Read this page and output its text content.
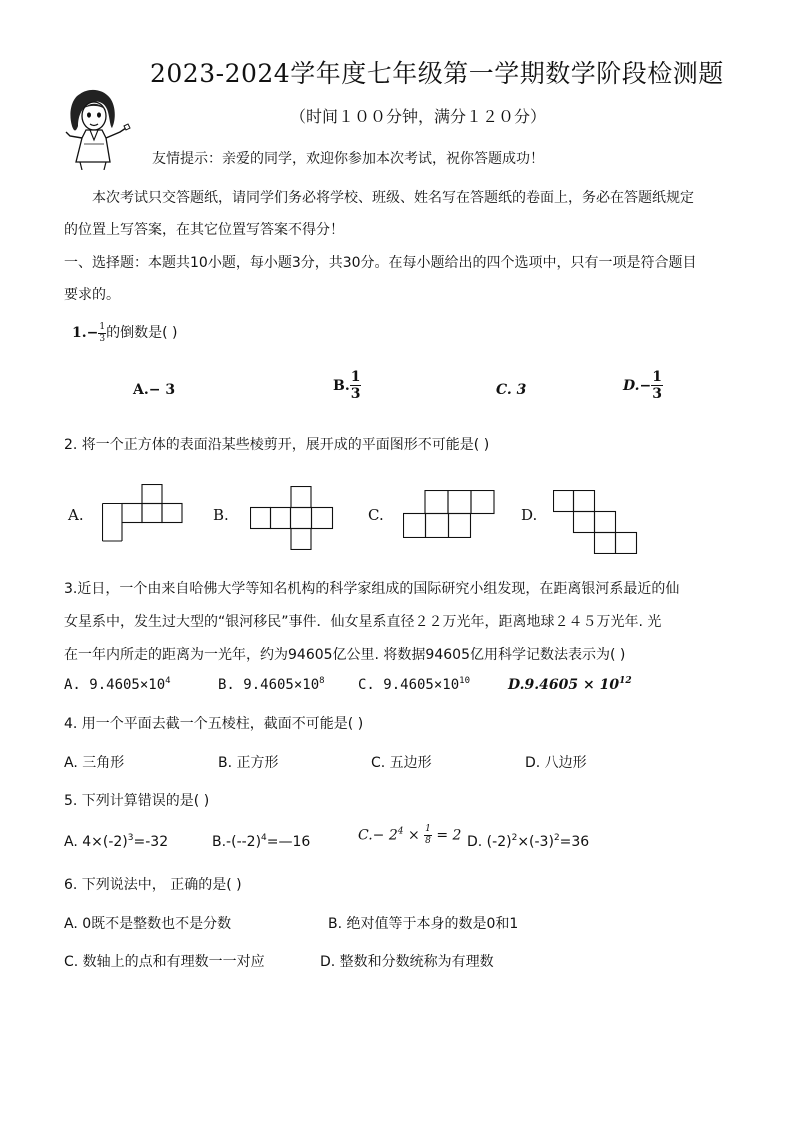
2023-2024学年度七年级第一学期数学阶段检测题
（时间１００分钟，满分１２０分）
友情提示：亲爱的同学，欢迎你参加本次考试，祝你答题成功！
本次考试只交答题纸，请同学们务必将学校、班级、姓名写在答题纸的卷面上，务必在答题纸规定
的位置上写答案，在其它位置写答案不得分！
一、选择题：本题共10小题，每小题3分，共30分。在每小题给出的四个选项中，只有一项是符合题目
要求的。
$1.- \frac{1}{3}$ 的倒数是( )
A.− 3	B. $\frac{1}{3}$	C. 3	$D.- \frac{1}{3}$
2. 将一个正方体的表面沿某些棱剪开，展开成的平面图形不可能是( )
A.	B.	C.	D.
3.近日，一个由来自哈佛大学等知名机构的科学家组成的国际研究小组发现，在距离银河系最近的仙
女星系中，发生过大型的“银河移民”事件．仙女星系直径２２万光年，距离地球２４５万光年. 光
在一年内所走的距离为一光年，约为94605亿公里. 将数据94605亿用科学记数法表示为( )
A. $9.4605\times 10^4$	B. $9.4605\times 10^8$ C. $9.4605\times 10^{10}$	$D.9.4605 \times 10^{12}$
4. 用一个平面去截一个五棱柱，截面不可能是( )
A. 三角形	B. 正方形	C. 五边形	D. 八边形
5. 下列计算错误的是( )
A. $4\times(-2)^3=-32$	$B.-(--2)^4=—16$	$C.- 2^4 \times \frac{1}{8} = 2$ D. $(-2)^2\times(-3)^2=36$
6. 下列说法中， 正确的是( )
A. 0既不是整数也不是分数	B. 绝对值等于本身的数是0和1
C. 数轴上的点和有理数一一对应	D. 整数和分数统称为有理数
